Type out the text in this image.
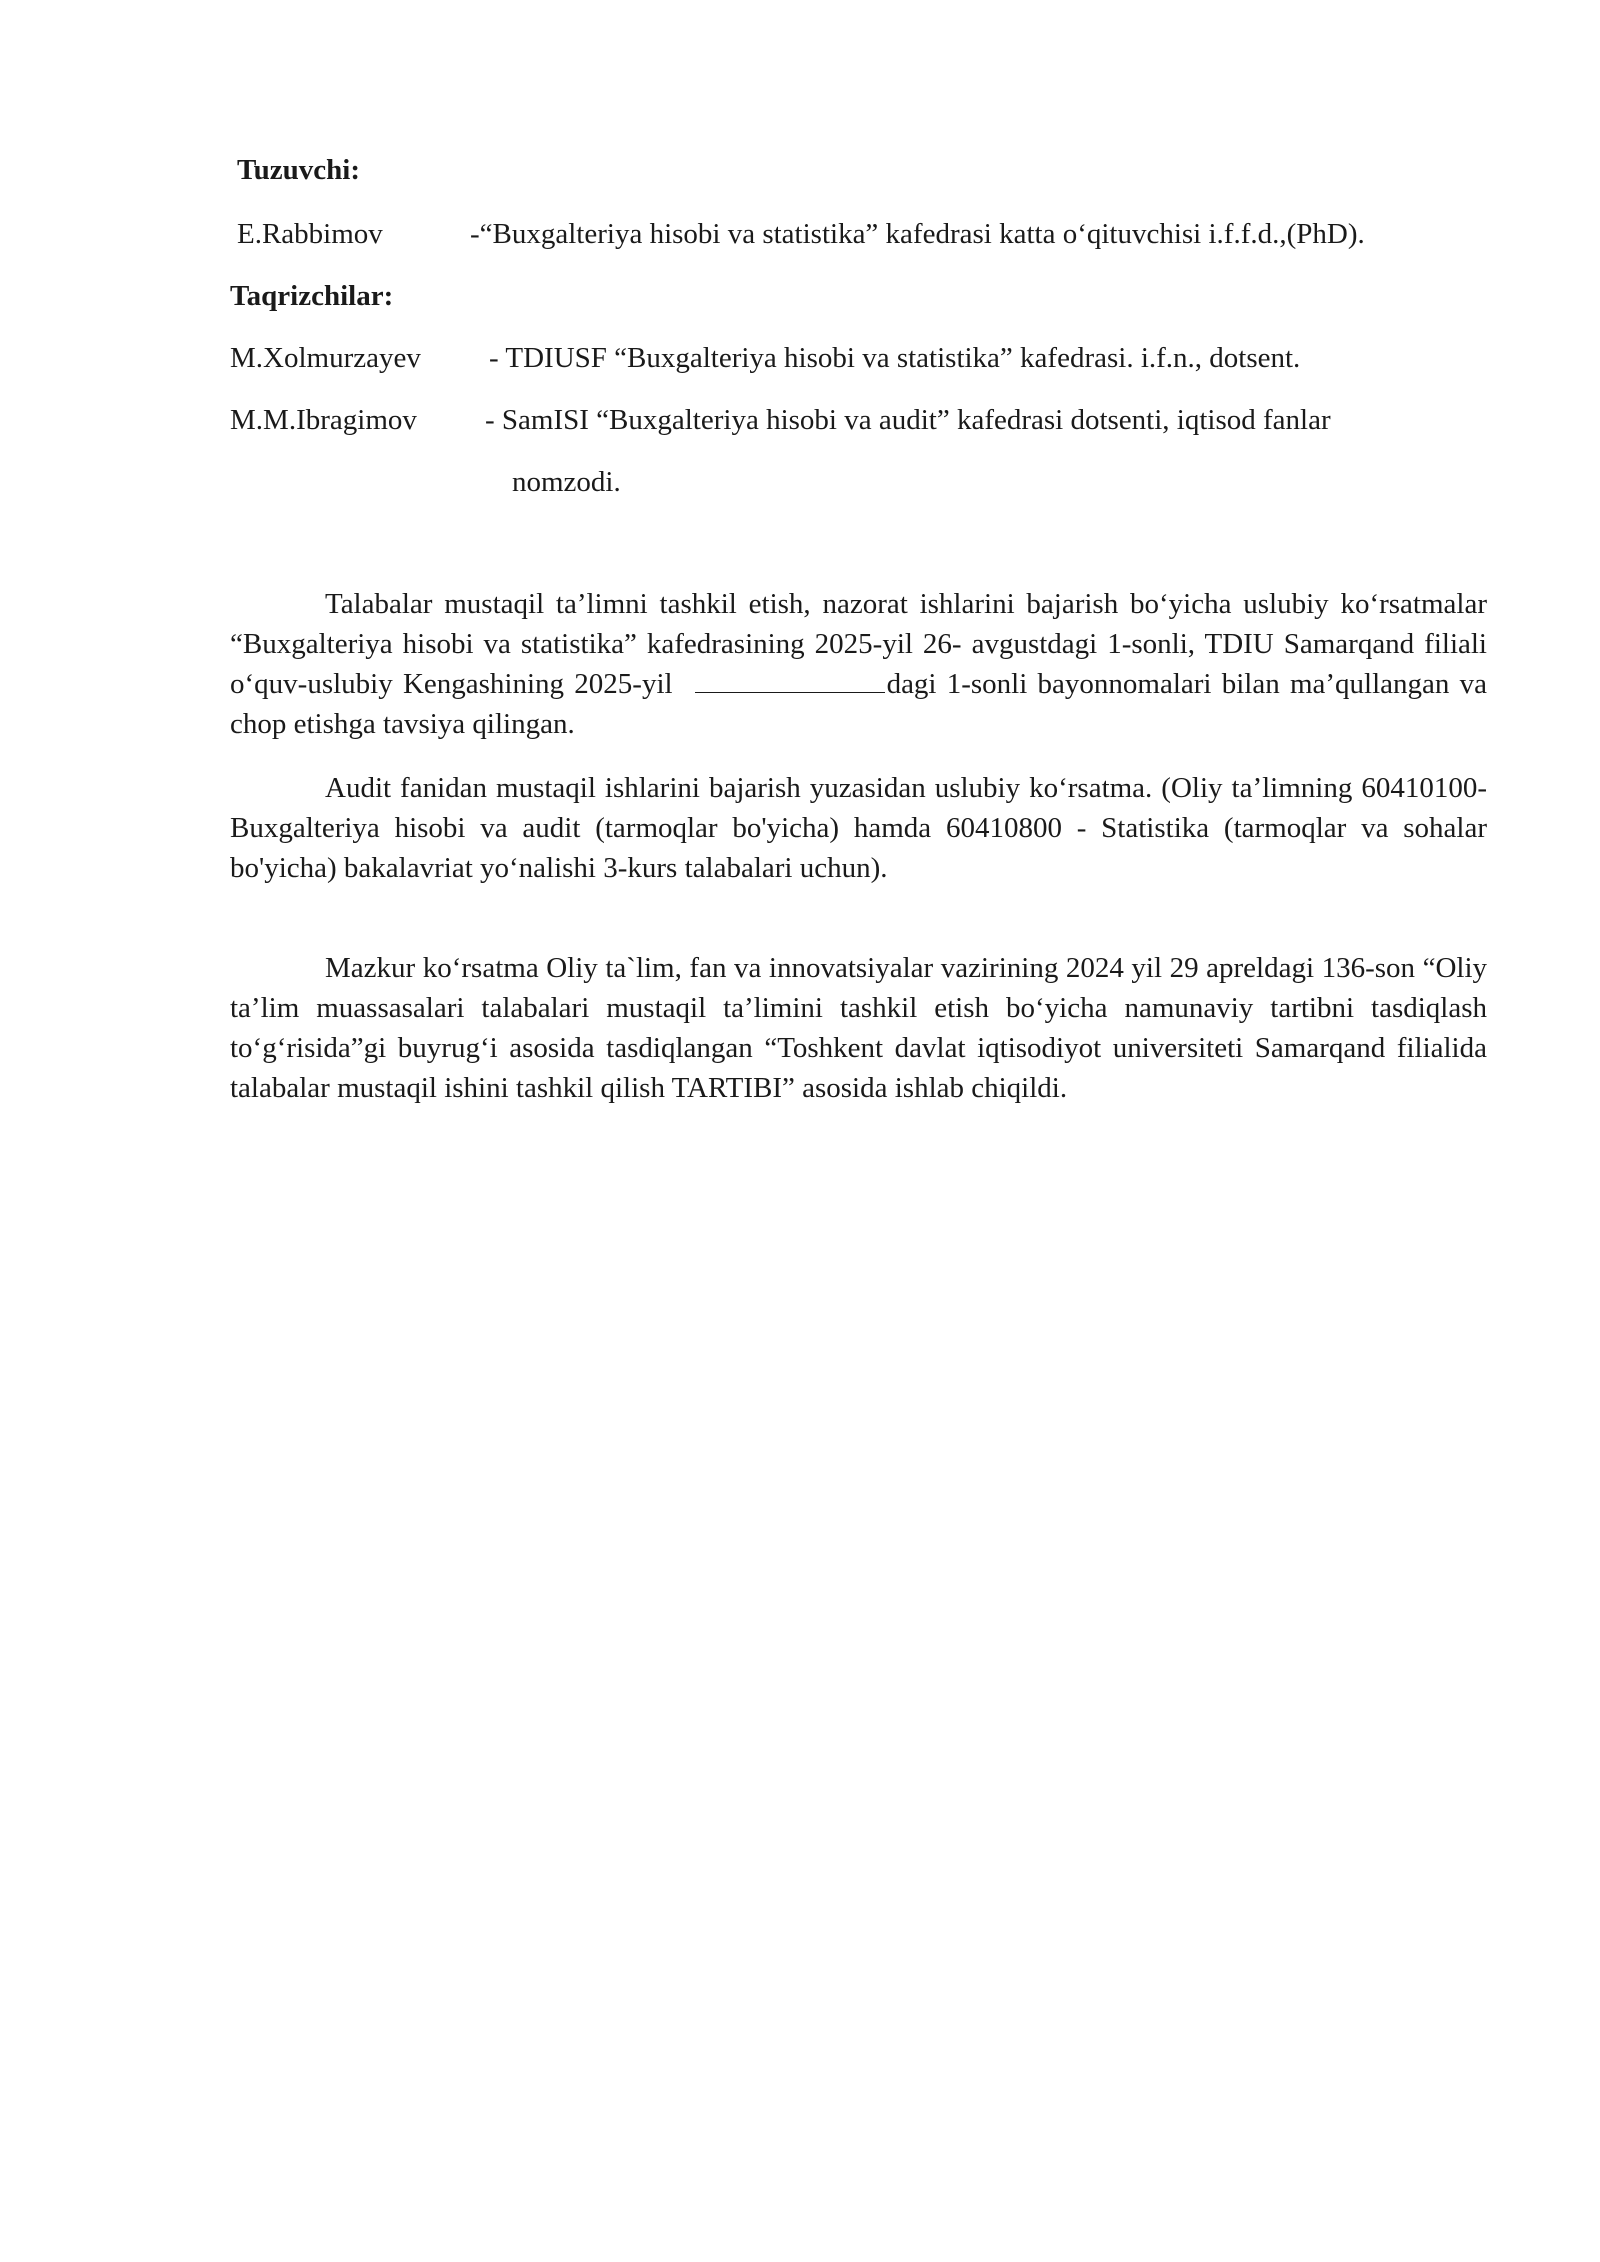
Tuzuvchi:
E.Rabbimov	-“Buxgalteriya hisobi va statistika” kafedrasi katta o‘qituvchisi i.f.f.d.,(PhD).
Taqrizchilar:
M.Xolmurzayev - TDIUSF “Buxgalteriya hisobi va statistika” kafedrasi. i.f.n., dotsent.
M.M.Ibragimov - SamISI “Buxgalteriya hisobi va audit” kafedrasi dotsenti, iqtisod fanlar
nomzodi.

Talabalar mustaqil ta’limni tashkil etish, nazorat ishlarini bajarish bo‘yicha uslubiy ko‘rsatmalar “Buxgalteriya hisobi va statistika” kafedrasining 2025-yil 26- avgustdagi 1-sonli, TDIU Samarqand filiali o‘quv-uslubiy Kengashining 2025-yil	dagi 1-sonli bayonnomalari bilan ma’qullangan va chop etishga tavsiya qilingan.

Audit fanidan mustaqil ishlarini bajarish yuzasidan uslubiy ko‘rsatma. (Oliy ta’limning 60410100-Buxgalteriya hisobi va audit (tarmoqlar bo'yicha) hamda 60410800 - Statistika (tarmoqlar va sohalar bo'yicha) bakalavriat yo‘nalishi 3-kurs talabalari uchun).

Mazkur ko‘rsatma Oliy ta`lim, fan va innovatsiyalar vazirining 2024 yil 29 apreldagi 136-son “Oliy ta’lim muassasalari talabalari mustaqil ta’limini tashkil etish bo‘yicha namunaviy tartibni tasdiqlash to‘g‘risida”gi buyrug‘i asosida tasdiqlangan “Toshkent davlat iqtisodiyot universiteti Samarqand filialida talabalar mustaqil ishini tashkil qilish TARTIBI” asosida ishlab chiqildi.
